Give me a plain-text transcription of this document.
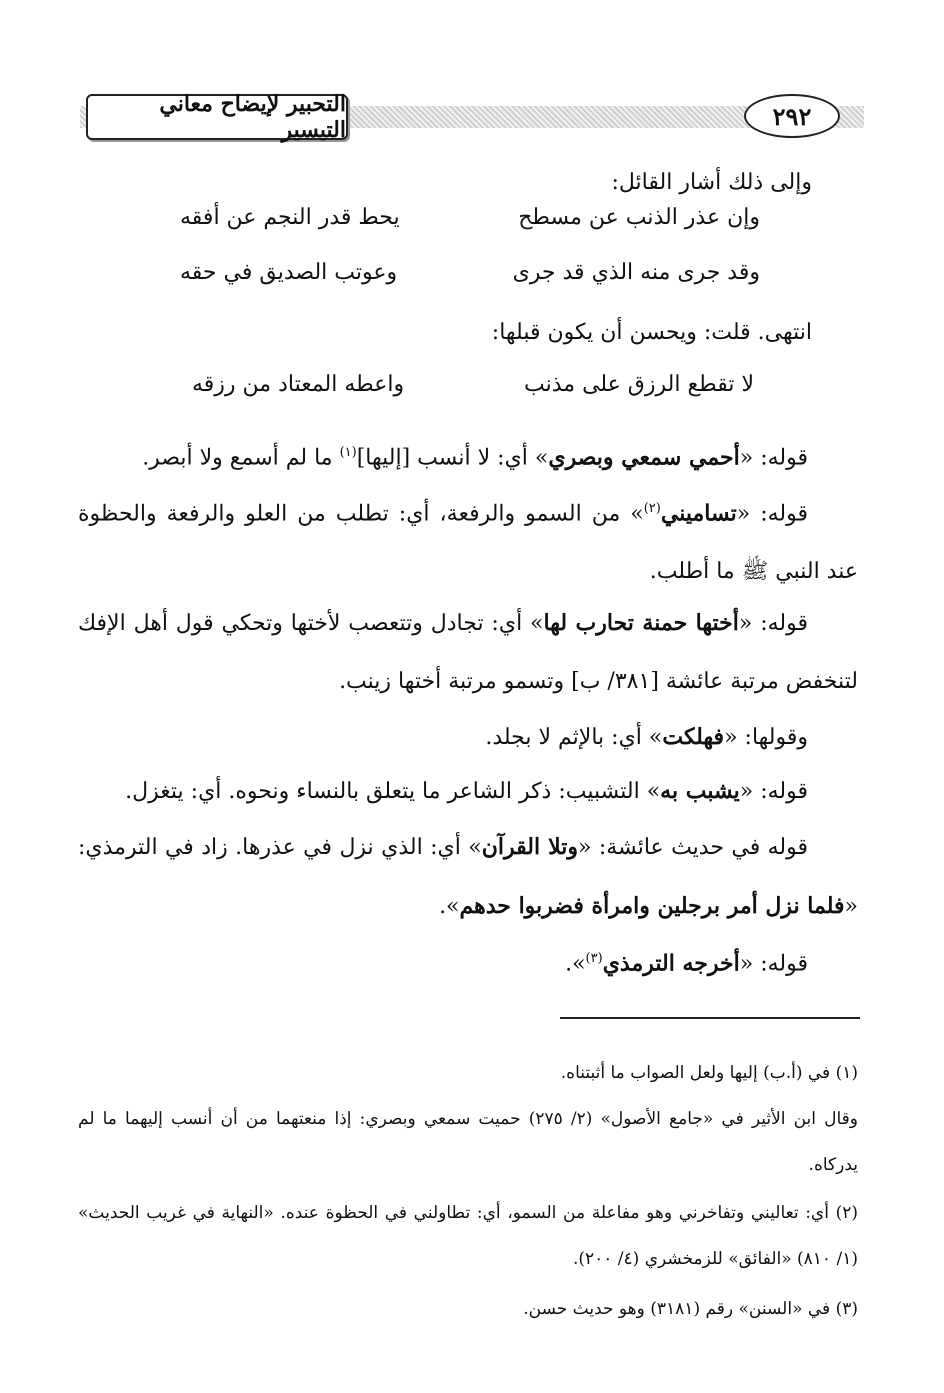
التحبير لإيضاح معاني التيسير	٢٩٢
وإلى ذلك أشار القائل:
وإن عذر الذنب عن مسطح
يحط قدر النجم عن أفقه
وقد جرى منه الذي قد جرى
وعوتب الصديق في حقه
انتهى. قلت: ويحسن أن يكون قبلها:
لا تقطع الرزق على مذنب
واعطه المعتاد من رزقه
قوله: «أحمي سمعي وبصري» أي: لا أنسب [إليها]$^{(١)}$ ما لم أسمع ولا أبصر.
قوله: «تساميني$^{(٢)}$» من السمو والرفعة، أي: تطلب من العلو والرفعة والحظوة عند النبي ﷺ ما أطلب.
قوله: «أختها حمنة تحارب لها» أي: تجادل وتتعصب لأختها وتحكي قول أهل الإفك لتنخفض مرتبة عائشة [٣٨١/ ب] وتسمو مرتبة أختها زينب.
وقولها: «فهلكت» أي: بالإثم لا بجلد.
قوله: «يشبب به» التشبيب: ذكر الشاعر ما يتعلق بالنساء ونحوه. أي: يتغزل.
قوله في حديث عائشة: «وتلا القرآن» أي: الذي نزل في عذرها. زاد في الترمذي: «فلما نزل أمر برجلين وامرأة فضربوا حدهم».
قوله: «أخرجه الترمذي$^{(٣)}$».
(١) في (أ.ب) إليها ولعل الصواب ما أثبتناه.
وقال ابن الأثير في «جامع الأصول» (٢/ ٢٧٥) حميت سمعي وبصري: إذا منعتهما من أن أنسب إليهما ما لم يدركاه.
(٢) أي: تعاليني وتفاخرني وهو مفاعلة من السمو، أي: تطاولني في الحظوة عنده. «النهاية في غريب الحديث» (١/ ٨١٠) «الفائق» للزمخشري (٤/ ٢٠٠).
(٣) في «السنن» رقم (٣١٨١) وهو حديث حسن.
